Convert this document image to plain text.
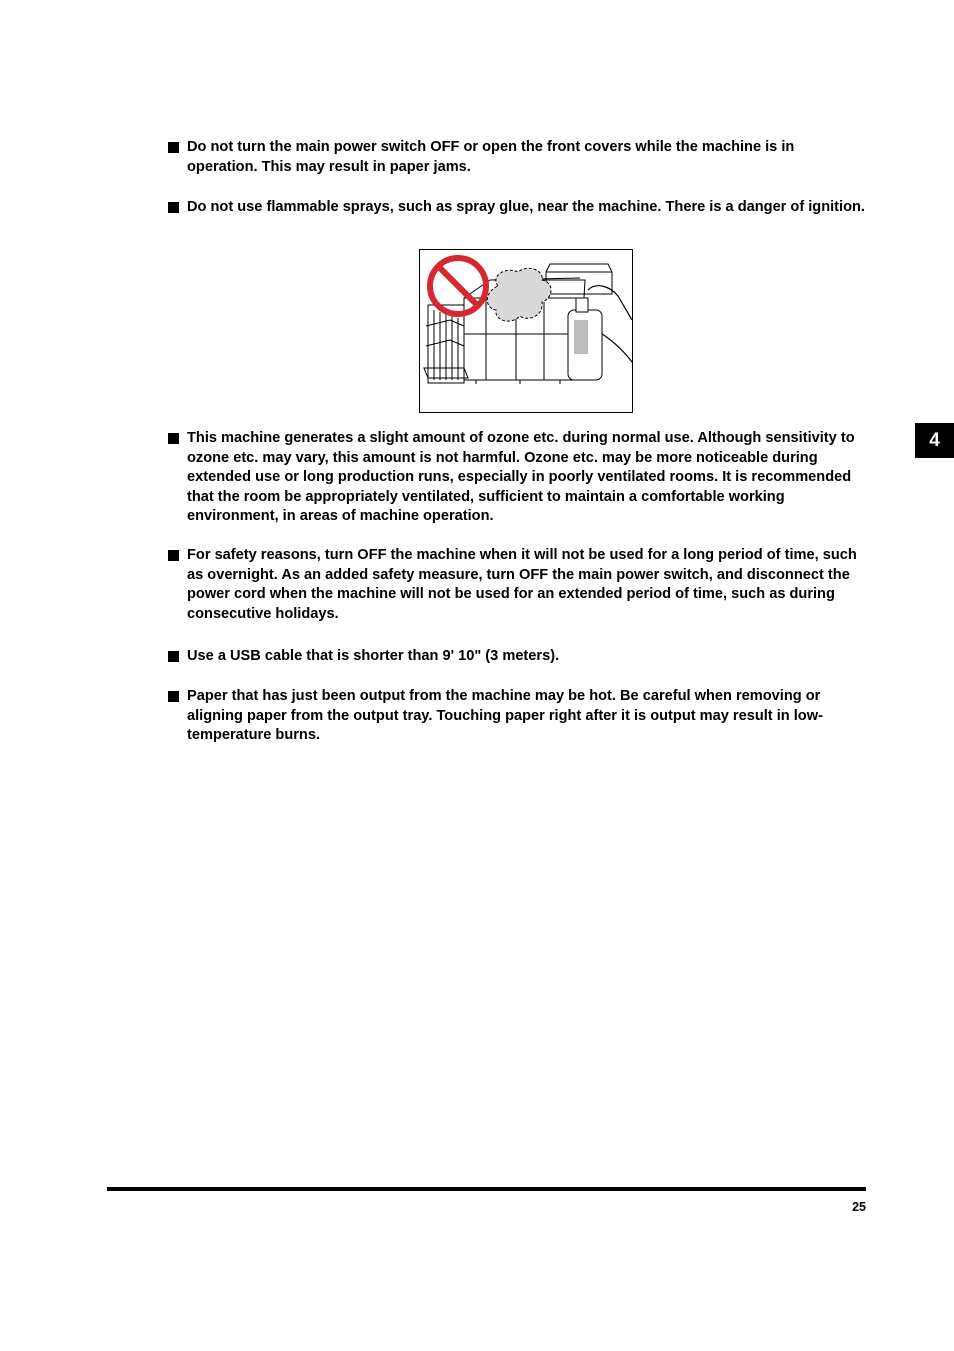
Do not turn the main power switch OFF or open the front covers while the machine is in operation. This may result in paper jams.
Do not use flammable sprays, such as spray glue, near the machine. There is a danger of ignition.
This machine generates a slight amount of ozone etc. during normal use. Although sensitivity to ozone etc. may vary, this amount is not harmful. Ozone etc. may be more noticeable during extended use or long production runs, especially in poorly ventilated rooms. It is recommended that the room be appropriately ventilated, sufficient to maintain a comfortable working environment, in areas of machine operation.
For safety reasons, turn OFF the machine when it will not be used for a long period of time, such as overnight. As an added safety measure, turn OFF the main power switch, and disconnect the power cord when the machine will not be used for an extended period of time, such as during consecutive holidays.
Use a USB cable that is shorter than 9' 10" (3 meters).
Paper that has just been output from the machine may be hot. Be careful when removing or aligning paper from the output tray. Touching paper right after it is output may result in low-temperature burns.
4
25
